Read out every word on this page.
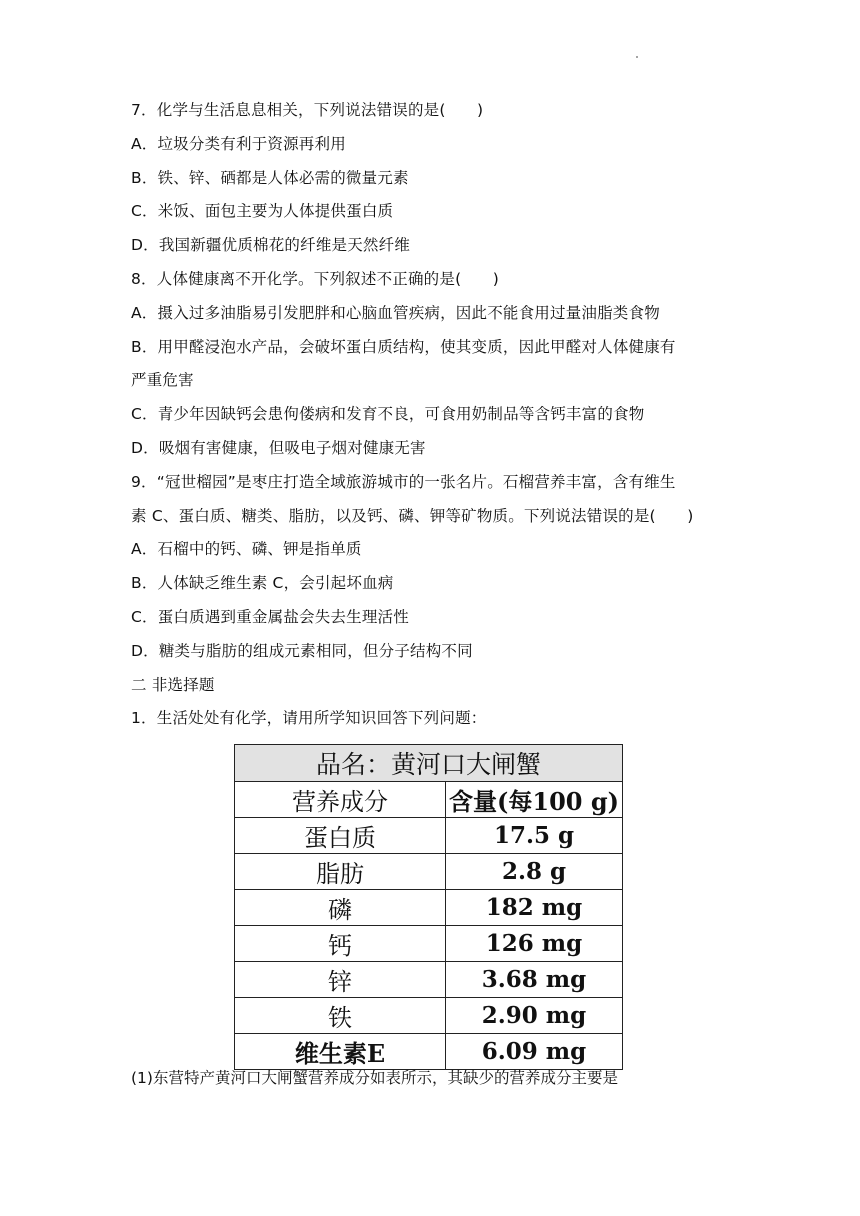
7．化学与生活息息相关，下列说法错误的是(　　)
A．垃圾分类有利于资源再利用
B．铁、锌、硒都是人体必需的微量元素
C．米饭、面包主要为人体提供蛋白质
D．我国新疆优质棉花的纤维是天然纤维
8．人体健康离不开化学。下列叙述不正确的是(　　)
A．摄入过多油脂易引发肥胖和心脑血管疾病，因此不能食用过量油脂类食物
B．用甲醛浸泡水产品，会破坏蛋白质结构，使其变质，因此甲醛对人体健康有
严重危害
C．青少年因缺钙会患佝偻病和发育不良，可食用奶制品等含钙丰富的食物
D．吸烟有害健康，但吸电子烟对健康无害
9．“冠世榴园”是枣庄打造全域旅游城市的一张名片。石榴营养丰富，含有维生
素 C、蛋白质、糖类、脂肪，以及钙、磷、钾等矿物质。下列说法错误的是(　　)
A．石榴中的钙、磷、钾是指单质
B．人体缺乏维生素 C，会引起坏血病
C．蛋白质遇到重金属盐会失去生理活性
D．糖类与脂肪的组成元素相同，但分子结构不同
二 非选择题
1．生活处处有化学，请用所学知识回答下列问题：
品名：黄河口大闸蟹	
营养成分	含量(每100 g)
蛋白质	17.5 g
脂肪	2.8 g
磷	182 mg
钙	126 mg
锌	3.68 mg
铁	2.90 mg
维生素E	6.09 mg
(1)东营特产黄河口大闸蟹营养成分如表所示，其缺少的营养成分主要是
